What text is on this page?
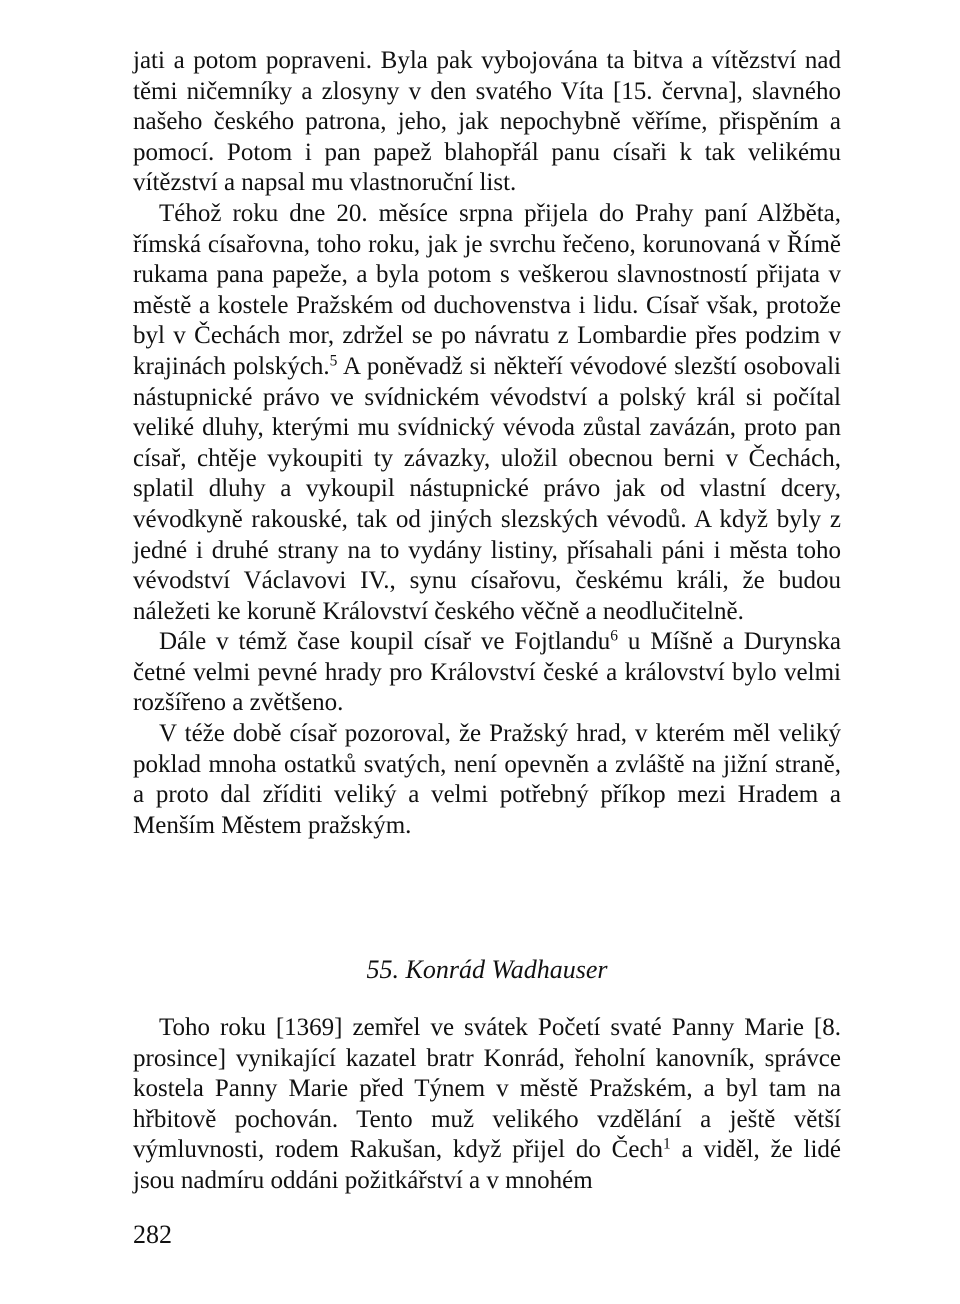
jati a potom popraveni. Byla pak vybojována ta bitva a vítězství nad těmi ničemníky a zlosyny v den svatého Víta [15. června], slavného našeho českého patrona, jeho, jak nepochybně věříme, přispěním a pomocí. Potom i pan papež blahopřál panu císaři k tak velikému vítězství a napsal mu vlastnoruční list.

Téhož roku dne 20. měsíce srpna přijela do Prahy paní Alžběta, římská císařovna, toho roku, jak je svrchu řečeno, korunovaná v Římě rukama pana papeže, a byla potom s veškerou slavnostností přijata v městě a kostele Pražském od duchovenstva i lidu. Císař však, protože byl v Čechách mor, zdržel se po návratu z Lombardie přes podzim v krajinách polských.$^5$ A poněvadž si někteří vévodové slezští osobovali nástupnické právo ve svídnickém vévodství a polský král si počítal veliké dluhy, kterými mu svídnický vévoda zůstal zavázán, proto pan císař, chtěje vykoupiti ty závazky, uložil obecnou berni v Čechách, splatil dluhy a vykoupil nástupnické právo jak od vlastní dcery, vévodkyně rakouské, tak od jiných slezských vévodů. A když byly z jedné i druhé strany na to vydány listiny, přísahali páni i města toho vévodství Václavovi IV., synu císařovu, českému králi, že budou náležeti ke koruně Království českého věčně a neodlučitelně.

Dále v témž čase koupil císař ve Fojtlandu$^6$ u Míšně a Durynska četné velmi pevné hrady pro Království české a království bylo velmi rozšířeno a zvětšeno.

V téže době císař pozoroval, že Pražský hrad, v kterém měl veliký poklad mnoha ostatků svatých, není opevněn a zvláště na jižní straně, a proto dal zříditi veliký a velmi potřebný příkop mezi Hradem a Menším Městem pražským.

55. Konrád Wadhauser

Toho roku [1369] zemřel ve svátek Početí svaté Panny Marie [8. prosince] vynikající kazatel bratr Konrád, řeholní kanovník, správce kostela Panny Marie před Týnem v městě Pražském, a byl tam na hřbitově pochován. Tento muž velikého vzdělání a ještě větší výmluvnosti, rodem Rakušan, když přijel do Čech$^1$ a viděl, že lidé jsou nadmíru oddáni požitkářství a v mnohém

282
